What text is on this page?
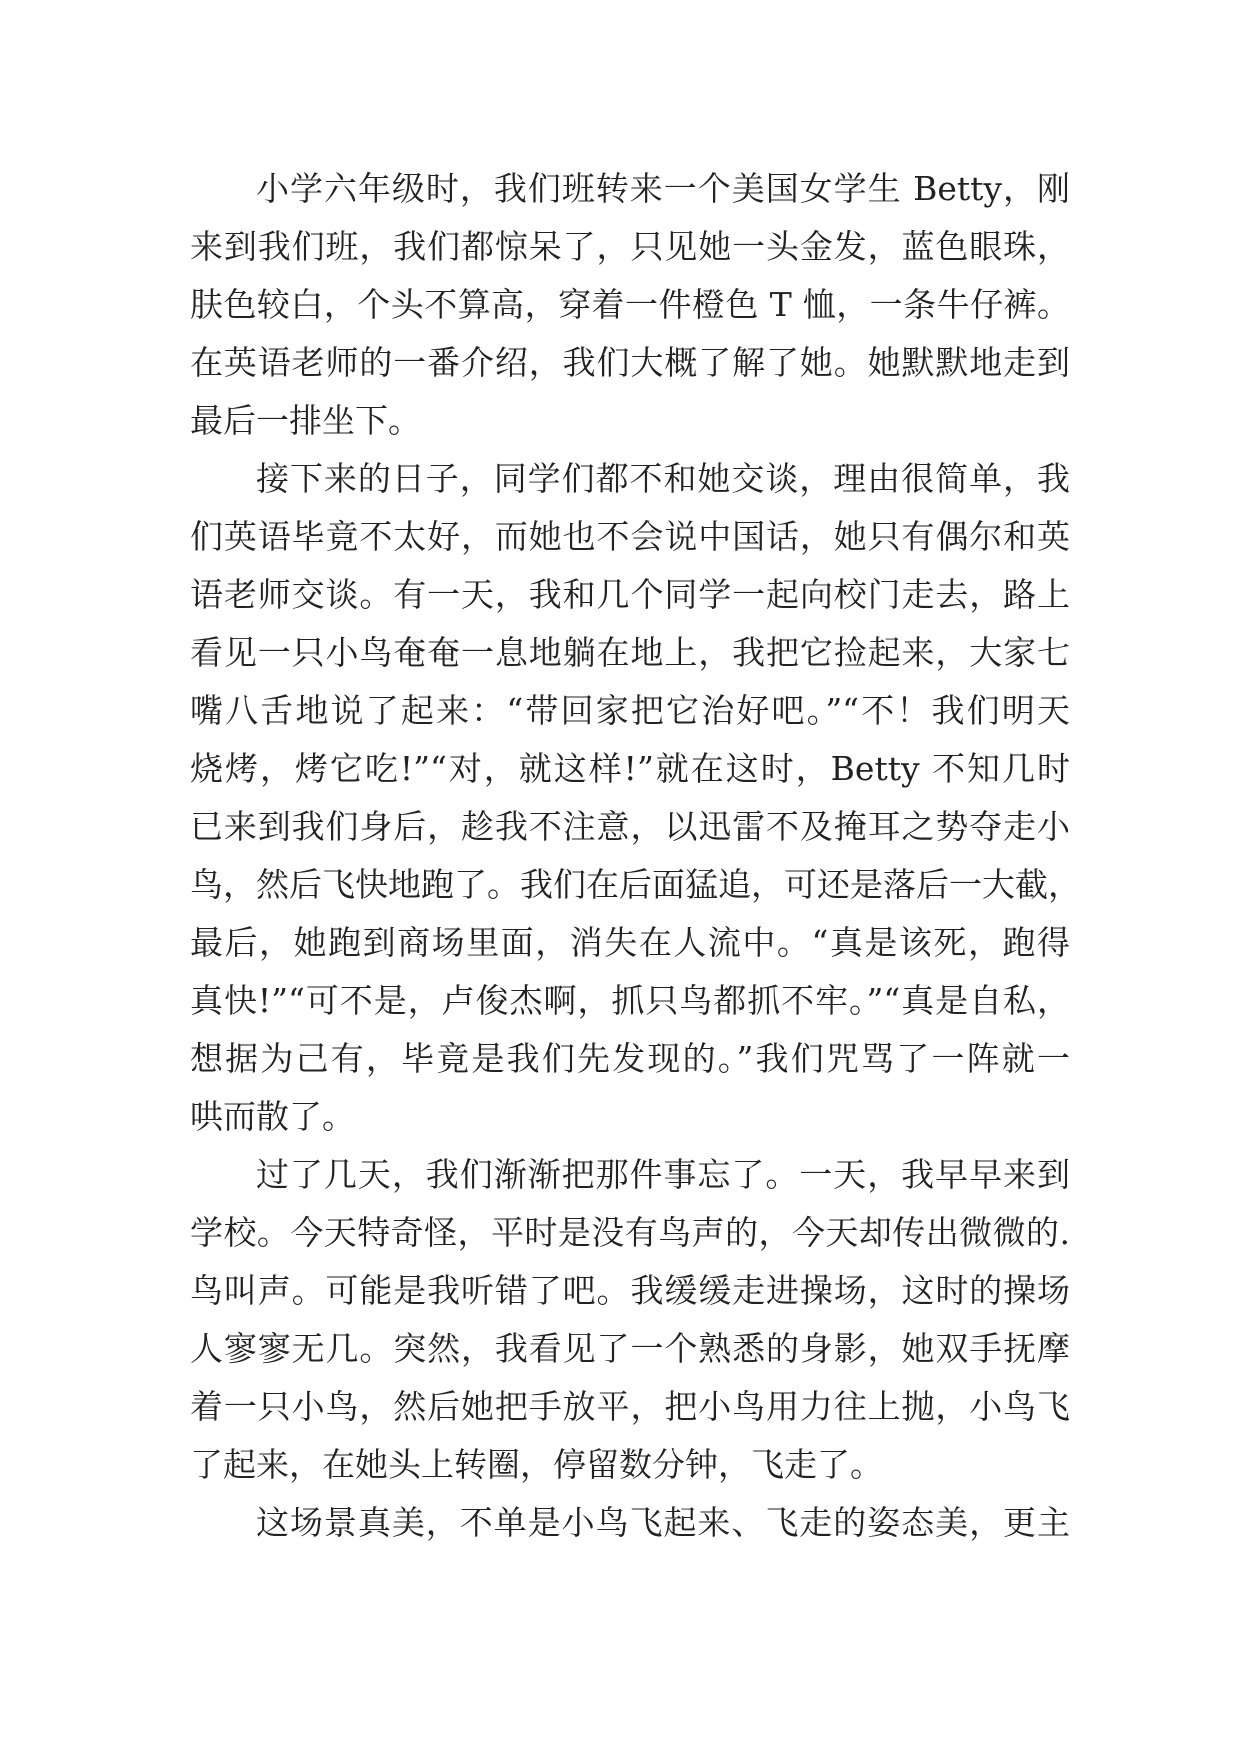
小学六年级时，我们班转来一个美国女学生 Betty，刚
来到我们班，我们都惊呆了，只见她一头金发，蓝色眼珠，
肤色较白，个头不算高，穿着一件橙色 T 恤，一条牛仔裤。
在英语老师的一番介绍，我们大概了解了她。她默默地走到
最后一排坐下。
接下来的日子，同学们都不和她交谈，理由很简单，我
们英语毕竟不太好，而她也不会说中国话，她只有偶尔和英
语老师交谈。有一天，我和几个同学一起向校门走去，路上
看见一只小鸟奄奄一息地躺在地上，我把它捡起来，大家七
嘴八舌地说了起来：“带回家把它治好吧。”“不！我们明天
烧烤，烤它吃!”“对，就这样!”就在这时，Betty 不知几时
已来到我们身后，趁我不注意，以迅雷不及掩耳之势夺走小
鸟，然后飞快地跑了。我们在后面猛追，可还是落后一大截，
最后，她跑到商场里面，消失在人流中。“真是该死，跑得
真快!”“可不是，卢俊杰啊，抓只鸟都抓不牢。”“真是自私，
想据为己有，毕竟是我们先发现的。”我们咒骂了一阵就一
哄而散了。
过了几天，我们渐渐把那件事忘了。一天，我早早来到
学校。今天特奇怪，平时是没有鸟声的，今天却传出微微的.
鸟叫声。可能是我听错了吧。我缓缓走进操场，这时的操场
人寥寥无几。突然，我看见了一个熟悉的身影，她双手抚摩
着一只小鸟，然后她把手放平，把小鸟用力往上抛，小鸟飞
了起来，在她头上转圈，停留数分钟，飞走了。
这场景真美，不单是小鸟飞起来、飞走的姿态美，更主
